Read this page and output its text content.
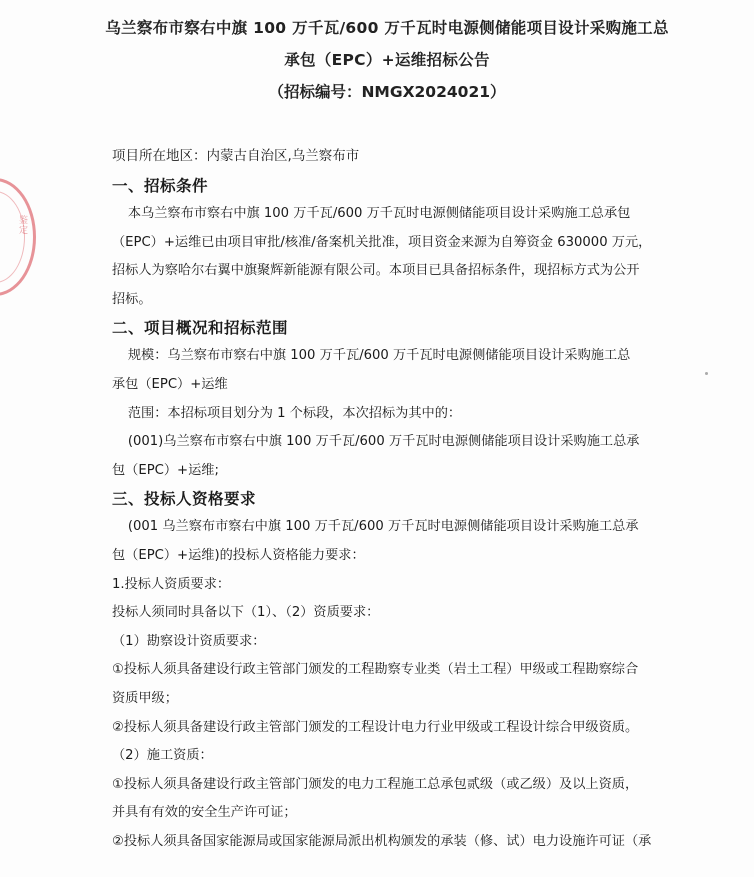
鉴定
乌兰察布市察右中旗 100 万千瓦/600 万千瓦时电源侧储能项目设计采购施工总
承包（EPC）+运维招标公告
（招标编号：NMGX2024021）
项目所在地区：内蒙古自治区,乌兰察布市
一、招标条件
本乌兰察布市察右中旗 100 万千瓦/600 万千瓦时电源侧储能项目设计采购施工总承包
（EPC）+运维已由项目审批/核准/备案机关批准，项目资金来源为自筹资金 630000 万元，
招标人为察哈尔右翼中旗聚辉新能源有限公司。本项目已具备招标条件，现招标方式为公开
招标。
二、项目概况和招标范围
规模：乌兰察布市察右中旗 100 万千瓦/600 万千瓦时电源侧储能项目设计采购施工总
承包（EPC）+运维
范围：本招标项目划分为 1 个标段，本次招标为其中的：
(001)乌兰察布市察右中旗 100 万千瓦/600 万千瓦时电源侧储能项目设计采购施工总承
包（EPC）+运维;
三、投标人资格要求
(001 乌兰察布市察右中旗 100 万千瓦/600 万千瓦时电源侧储能项目设计采购施工总承
包（EPC）+运维)的投标人资格能力要求：
1.投标人资质要求：
投标人须同时具备以下（1）、（2）资质要求：
（1）勘察设计资质要求：
①投标人须具备建设行政主管部门颁发的工程勘察专业类（岩土工程）甲级或工程勘察综合
资质甲级；
②投标人须具备建设行政主管部门颁发的工程设计电力行业甲级或工程设计综合甲级资质。
（2）施工资质：
①投标人须具备建设行政主管部门颁发的电力工程施工总承包贰级（或乙级）及以上资质，
并具有有效的安全生产许可证；
②投标人须具备国家能源局或国家能源局派出机构颁发的承装（修、试）电力设施许可证（承
